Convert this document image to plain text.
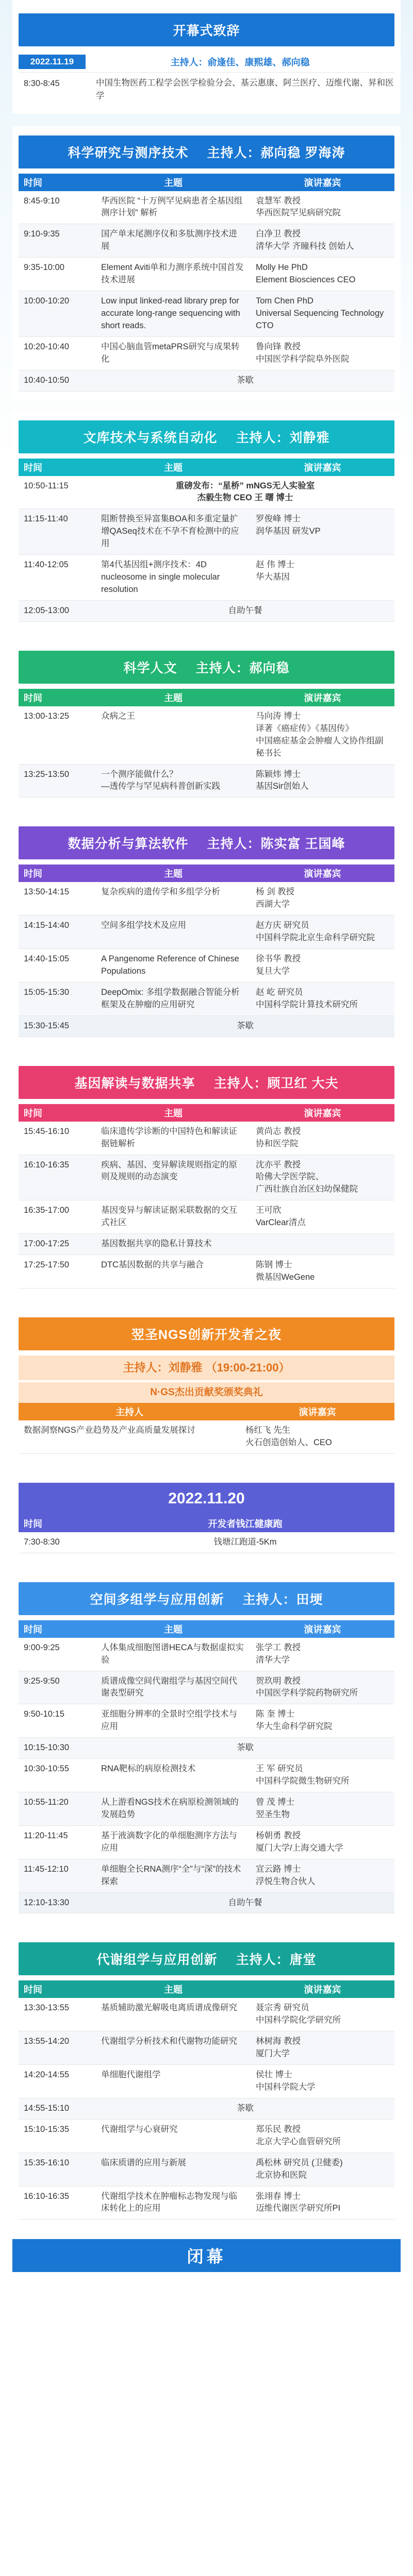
开幕式致辞
2022.11.19	主持人：俞逢佳、康熙雄、郝向稳
8:30-8:45	中国生物医药工程学会医学检验分会、基云惠康、阿兰医疗、迈维代谢、昇和医学
科学研究与测序技术 主持人：郝向稳 罗海涛
时间	主题	演讲嘉宾
8:45-9:10	华西医院 “十万例罕见病患者全基因组测序计划” 解析	袁慧军 教授
华西医院罕见病研究院
9:10-9:35	国产单末尾测序仪和多肽测序技术进展	白净卫 教授
清华大学 齐瞳科技 创始人
9:35-10:00	Element Aviti单和力测序系统中国首发技术进展	Molly He PhD
Element Biosciences CEO
10:00-10:20	Low input linked-read library prep for accurate long-range sequencing with short reads.	Tom Chen PhD
Universal Sequencing Technology CTO
10:20-10:40	中国心脑血管metaPRS研究与成果转化	鲁向锋 教授
中国医学科学院阜外医院
10:40-10:50	茶歇	
文库技术与系统自动化 主持人：刘静雅
时间	主题	演讲嘉宾
10:50-11:15	重磅发布：“星桥” mNGS无人实验室
杰毅生物 CEO 王 曙 博士	
11:15-11:40	阻断替换至异富集BOA和多重定量扩增QASeq技术在不孕不育检测中的应用	罗俊峰 博士
润华基因 研发VP
11:40-12:05	第4代基因组+测序技术：4D nucleosome in single molecular resolution	赵 伟 博士
华大基因
12:05-13:00	自助午餐	
科学人文 主持人：郝向稳
时间	主题	演讲嘉宾
13:00-13:25	众病之王	马向涛 博士
译著《癌症传》《基因传》
中国癌症基金会肿瘤人文协作组副秘书长
13:25-13:50	一个测序能做什么？
—透传学与罕见病科普创新实践	陈颖炜 博士
基因Sir创始人
数据分析与算法软件 主持人：陈实富 王国峰
时间	主题	演讲嘉宾
13:50-14:15	复杂疾病的遗传学和多组学分析	杨 剑 教授
西湖大学
14:15-14:40	空间多组学技术及应用	赵方庆 研究员
中国科学院北京生命科学研究院
14:40-15:05	A Pangenome Reference of Chinese Populations	徐书华 教授
复旦大学
15:05-15:30	DeepOmix: 多组学数据融合智能分析框架及在肿瘤的应用研究	赵 屹 研究员
中国科学院计算技术研究所
15:30-15:45	茶歇	
基因解读与数据共享 主持人：顾卫红 大夫
时间	主题	演讲嘉宾
15:45-16:10	临床遗传学诊断的中国特色和解读证据链解析	黄尚志 教授
协和医学院
16:10-16:35	疾病、基因、变异解读规则指定的原则及规则的动态演变	沈亦平 教授
哈佛大学医学院、
广西壮族自治区妇幼保健院
16:35-17:00	基因变异与解读证据采联数据的交互式社区	王可欣
VarClear清点
17:00-17:25	基因数据共享的隐私计算技术	
17:25-17:50	DTC基因数据的共享与融合	陈钢 博士
微基因WeGene
翌圣NGS创新开发者之夜
主持人：刘静雅 （19:00-21:00）
N·GS杰出贡献奖颁奖典礼
主持人	演讲嘉宾
数据洞察NGS产业趋势及产业高质量发展探讨	杨红飞 先生
火石创造创始人、CEO
2022.11.20
时间	开发者钱江健康跑
7:30-8:30	钱塘江跑道-5Km
空间多组学与应用创新 主持人：田埂
时间	主题	演讲嘉宾
9:00-9:25	人体集成细胞图谱HECA与数据虚拟实验	张学工 教授
清华大学
9:25-9:50	质谱成像空间代谢组学与基因空间代谢表型研究	贺玖明 教授
中国医学科学院药物研究所
9:50-10:15	亚细胞分辨率的全景时空组学技术与应用	陈 奎 博士
华大生命科学研究院
10:15-10:30	茶歇	
10:30-10:55	RNA靶标的病原检测技术	王 军 研究员
中国科学院微生物研究所
10:55-11:20	从上游看NGS技术在病原检测领域的发展趋势	曾 茂 博士
翌圣生物
11:20-11:45	基于液滴数字化的单细胞测序方法与应用	杨朝勇 教授
厦门大学/上海交通大学
11:45-12:10	单细胞全长RNA测序“全”与“深”的技术探索	宣云路 博士
浮悦生物合伙人
12:10-13:30	自助午餐	
代谢组学与应用创新 主持人：唐堂
时间	主题	演讲嘉宾
13:30-13:55	基质辅助激光解吸电离质谱成像研究	聂宗秀 研究员
中国科学院化学研究所
13:55-14:20	代谢组学分析技术和代谢物功能研究	林树海 教授
厦门大学
14:20-14:55	单细胞代谢组学	侯壮 博士
中国科学院大学
14:55-15:10	茶歇	
15:10-15:35	代谢组学与心衰研究	郑乐民 教授
北京大学心血管研究所
15:35-16:10	临床质谱的应用与新展	禹松林 研究员 (卫健委)
北京协和医院
16:10-16:35	代谢组学技术在肿瘤标志物发现与临床转化上的应用	张翊春 博士
迈维代谢医学研究所PI
闭幕
